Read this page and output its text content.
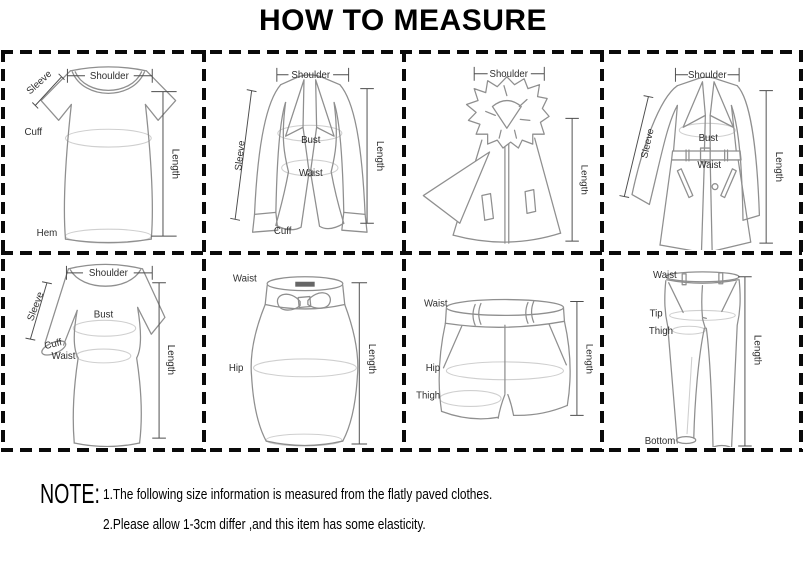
HOW TO MEASURE
Shoulder
Sleeve
Cuff
Hem
Length
Shoulder
Sleeve	Bust
Waist
Cuff
Length
Shoulder
Length
Shoulder
Sleeve	Bust
Waist	Length
Shoulder
Sleeve	Bust
Cuff
Waist	Length
Waist
Hip	Length
Waist
Hip
Thigh
Length
Waist
Tip
Thigh
Bottom
Length
NOTE: 1.The following size information is measured from the flatly paved clothes.
2.Please allow 1-3cm differ ,and this item has some elasticity.
